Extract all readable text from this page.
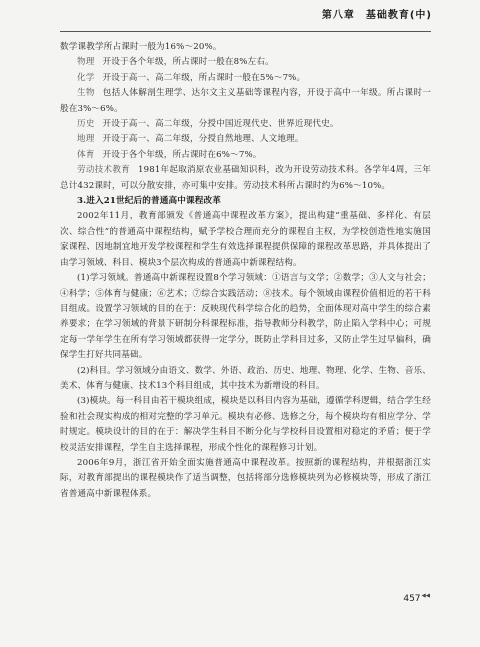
第八章　基础教育(中)

数学课教学所占课时一般为16%～20%。

物理 开设于各个年级，所占课时一般在8%左右。

化学 开设于高一、高二年级，所占课时一般在5%～7%。

生物 包括人体解剖生理学、达尔文主义基础等课程内容，开设于高中一年级。所占课时一般在3%～6%。

历史 开设于高一、高二年级，分授中国近现代史、世界近现代史。

地理 开设于高一、高二年级，分授自然地理、人文地理。

体育 开设于各个年级，所占课时在6%～7%。

劳动技术教育 1981年起取消原农业基础知识科，改为开设劳动技术科。各学年4周，三年总计432课时，可以分散安排，亦可集中安排。劳动技术科所占课时约为6%～10%。

3.进入21世纪后的普通高中课程改革

2002年11月，教育部颁发《普通高中课程改革方案》，提出构建“重基础、多样化、有层次、综合性”的普通高中课程结构，赋予学校合理而充分的课程自主权，为学校创造性地实施国家课程、因地制宜地开发学校课程和学生有效选择课程提供保障的课程改革思路，并具体提出了由学习领域、科目、模块3个层次构成的普通高中新课程结构。

(1)学习领域。普通高中新课程设置8个学习领域：①语言与文学；②数学；③人文与社会；④科学；⑤体育与健康；⑥艺术；⑦综合实践活动；⑧技术。每个领域由课程价值相近的若干科目组成。设置学习领域的目的在于：反映现代科学综合化的趋势，全面体现对高中学生的综合素养要求；在学习领域的背景下研制分科课程标准，指导教师分科教学，防止陷入学科中心；可规定每一学年学生在所有学习领域都获得一定学分，既防止学科目过多，又防止学生过早偏科，确保学生打好共同基础。

(2)科目。学习领域分由语文、数学、外语、政治、历史、地理、物理、化学、生物、音乐、美术、体育与健康、技术13个科目组成，其中技术为新增设的科目。

(3)模块。每一科目由若干模块组成，模块是以科目内容为基础，遵循学科逻辑，结合学生经验和社会现实构成的相对完整的学习单元。模块有必修、选修之分，每个模块均有相应学分、学时规定。模块设计的目的在于：解决学生科目不断分化与学校科目设置相对稳定的矛盾；便于学校灵活安排课程，学生自主选择课程，形成个性化的课程修习计划。

2006年9月，浙江省开始全面实施普通高中课程改革。按照新的课程结构，并根据浙江实际，对教育部提出的课程模块作了适当调整，包括将部分选修模块列为必修模块等，形成了浙江省普通高中新课程体系。

457◀◀
